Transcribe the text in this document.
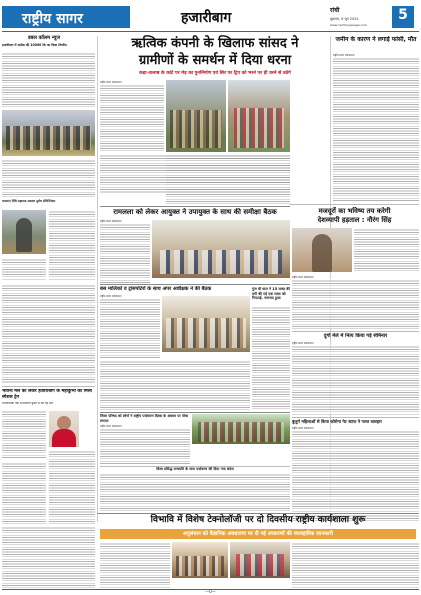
राष्ट्रीय सागर	हजारीबाग	रांची
शुक्रवार, 6 जून 2025
www.rashtriyasagar.com
5
डबल कॉलम न्यूज
हजारीबाग में कांग्रेस की 10000 कि का किया वितरित
भावनाएं निधि सहायता अवतार दुर्लभ सेगिनिंगेशन
भावनी मेले को लेकर हजारीबाग के महाकुंभों को मिली स्पेशल ट्रेन
भावनात्मक नेडी शोभायात्री मुख्य से की गई मांग
ऋत्विक कंपनी के खिलाफ सांसद ने
ग्रामीणों के समर्थन में दिया धरना
कहा-तालाब के कांटे पर मेड़ का पुनर्निर्माण एवं सिर पर ट्रिप को भरने पर ही धरने से उठेंगे
राष्ट्रीय सागर संवाददाता
जमीन के कारण ने लगाई फांसी, मौत
राष्ट्रीय सागर संवाददाता
रामलला को लेकर आयुक्त ने उपायुक्त के साथ की समीक्षा बैठक
राष्ट्रीय सागर संवाददाता
मजदूरों का भविष्य तय करेगी
देशव्यापी हड़ताल : नौरंग सिंह
राष्ट्रीय सागर संवाददाता
बस मालिकों व ट्रांसपोर्टरों के साथ अपर अधीक्षक ने की बैठक
राष्ट्रीय सागर संवाददाता
गुंज वी चाल ने 15 लाख की ठगी की गई एक लावा को निपटाई, नामजद हुआ
दुर्गा मेले में नित्य किया गई सेमिनार
राष्ट्रीय सागर संवाददाता
जिला परिषद को लोगों ने राष्ट्रीय पर्यावरण दिवस के अवसर पर पौधा लगाया
राष्ट्रीय सागर संवाददाता
बुजुर्ग महिलाओं से किया कोरोना गेट स्टाफ ने गलत व्यवहार
राष्ट्रीय सागर संवाददाता
विश्व प्रसिद्ध वनस्पति के साथ पर्यावरण की दिया गया संदेश
विभावि में विशेष टेक्नोलॉजी पर दो दिवसीय राष्ट्रीय कार्यशाला शुरू
अनुसंधान को वैज्ञानिक अवधारणा पर दी गई उपकरणों की व्यावहारिक जानकारी
—0—
